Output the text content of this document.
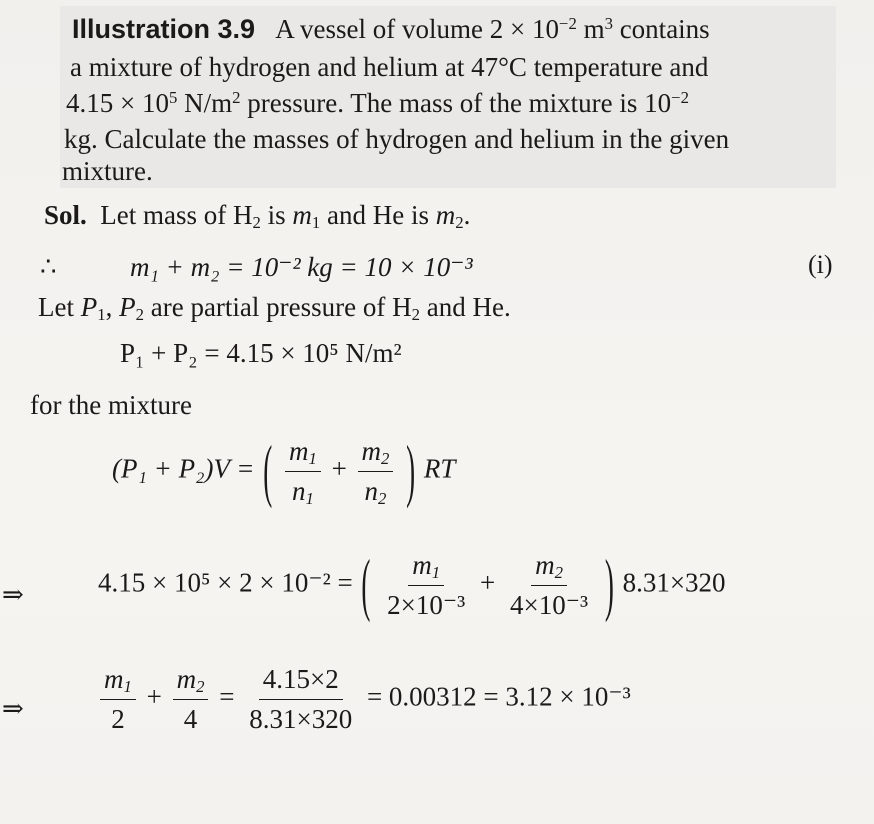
Illustration 3.9 A vessel of volume $2 \times 10^{-2}$ $m^3$ contains
a mixture of hydrogen and helium at 47°C temperature and
$4.15 \times 10^5$ $N/m^2$ pressure. The mass of the mixture is $10^{-2}$
kg. Calculate the masses of hydrogen and helium in the given
mixture.
Sol. Let mass of $H_2$ is $m_1$ and He is $m_2$.
∴	m₁ + m₂ = 10⁻² kg = 10 × 10⁻³	(i)
Let $P_1$, $P_2$ are partial pressure of $H_2$ and He.
P₁ + P₂ = 4.15 × 10⁵ N/m²
for the mixture
(P₁ + P₂)V = ( $\frac{m_1}{n_1} + \frac{m_2}{n_2}$ ) RT
⇒	4.15 × 10⁵ × 2 × 10⁻² = ( $\frac{m_1}{\text{2×10⁻³}} + \frac{m_2}{\text{4×10⁻³}}$ ) 8.31×320
⇒	$\frac{m_1}{2} + \frac{m_2}{4} = \frac{4.15\times 2}{8.31\times 320} = 0.00312 = 3.12 \times 10^{-3}$
